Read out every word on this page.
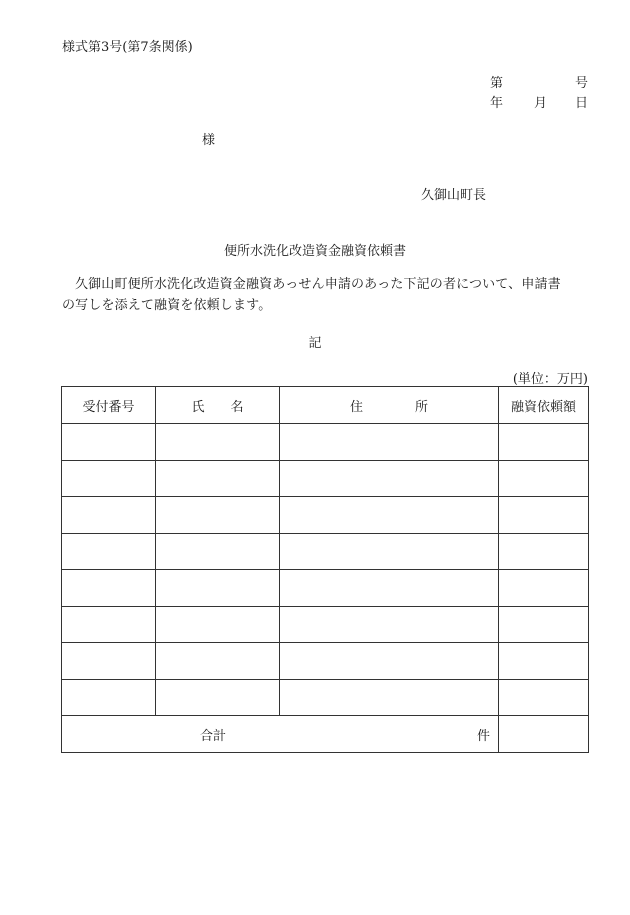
様式第3号(第7条関係)
第	号
年 月 日
様
久御山町長
便所水洗化改造資金融資依頼書
久御山町便所水洗化改造資金融資あっせん申請のあった下記の者について、申請書
の写しを添えて融資を依頼します。
記
(単位：万円)
受付番号	氏　　名	住　　　　所	融資依頼額

合計 件			
